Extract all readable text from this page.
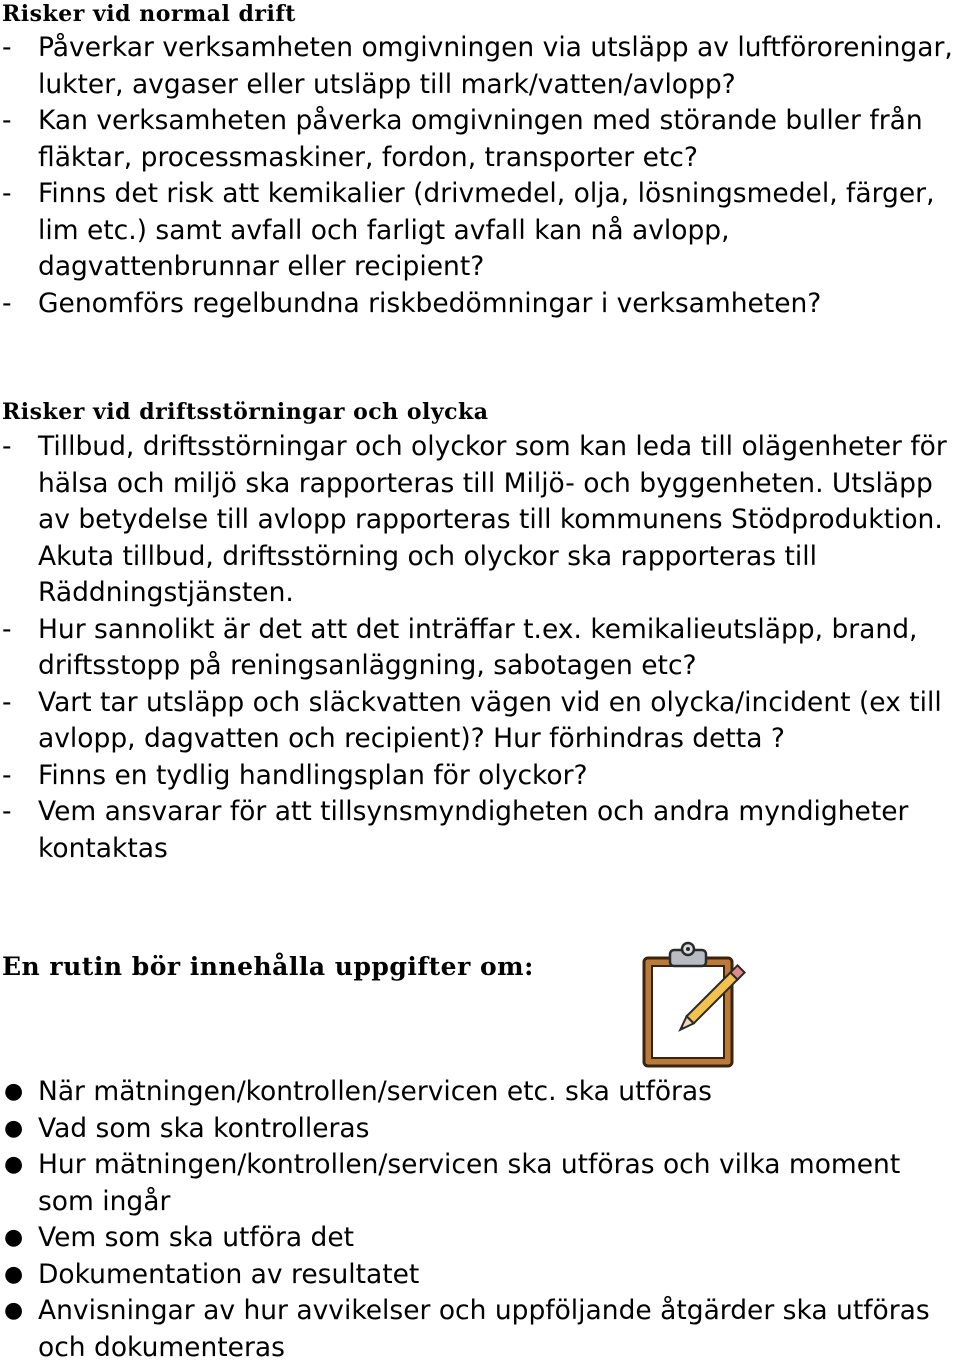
Risker vid normal drift
- Påverkar verksamheten omgivningen via utsläpp av luftföroreningar, lukter, avgaser eller utsläpp till mark/vatten/avlopp?
- Kan verksamheten påverka omgivningen med störande buller från fläktar, processmaskiner, fordon, transporter etc?
- Finns det risk att kemikalier (drivmedel, olja, lösningsmedel, färger, lim etc.) samt avfall och farligt avfall kan nå avlopp, dagvattenbrunnar eller recipient?
- Genomförs regelbundna riskbedömningar i verksamheten?
Risker vid driftsstörningar och olycka
- Tillbud, driftsstörningar och olyckor som kan leda till olägenheter för hälsa och miljö ska rapporteras till Miljö- och byggenheten. Utsläpp av betydelse till avlopp rapporteras till kommunens Stödproduktion. Akuta tillbud, driftsstörning och olyckor ska rapporteras till Räddningstjänsten.
- Hur sannolikt är det att det inträffar t.ex. kemikalieutsläpp, brand, driftsstopp på reningsanläggning, sabotagen etc?
- Vart tar utsläpp och släckvatten vägen vid en olycka/incident (ex till avlopp, dagvatten och recipient)? Hur förhindras detta ?
- Finns en tydlig handlingsplan för olyckor?
- Vem ansvarar för att tillsynsmyndigheten och andra myndigheter kontaktas
En rutin bör innehålla uppgifter om:
● När mätningen/kontrollen/servicen etc. ska utföras
● Vad som ska kontrolleras
● Hur mätningen/kontrollen/servicen ska utföras och vilka moment som ingår
● Vem som ska utföra det
● Dokumentation av resultatet
● Anvisningar av hur avvikelser och uppföljande åtgärder ska utföras och dokumenteras
